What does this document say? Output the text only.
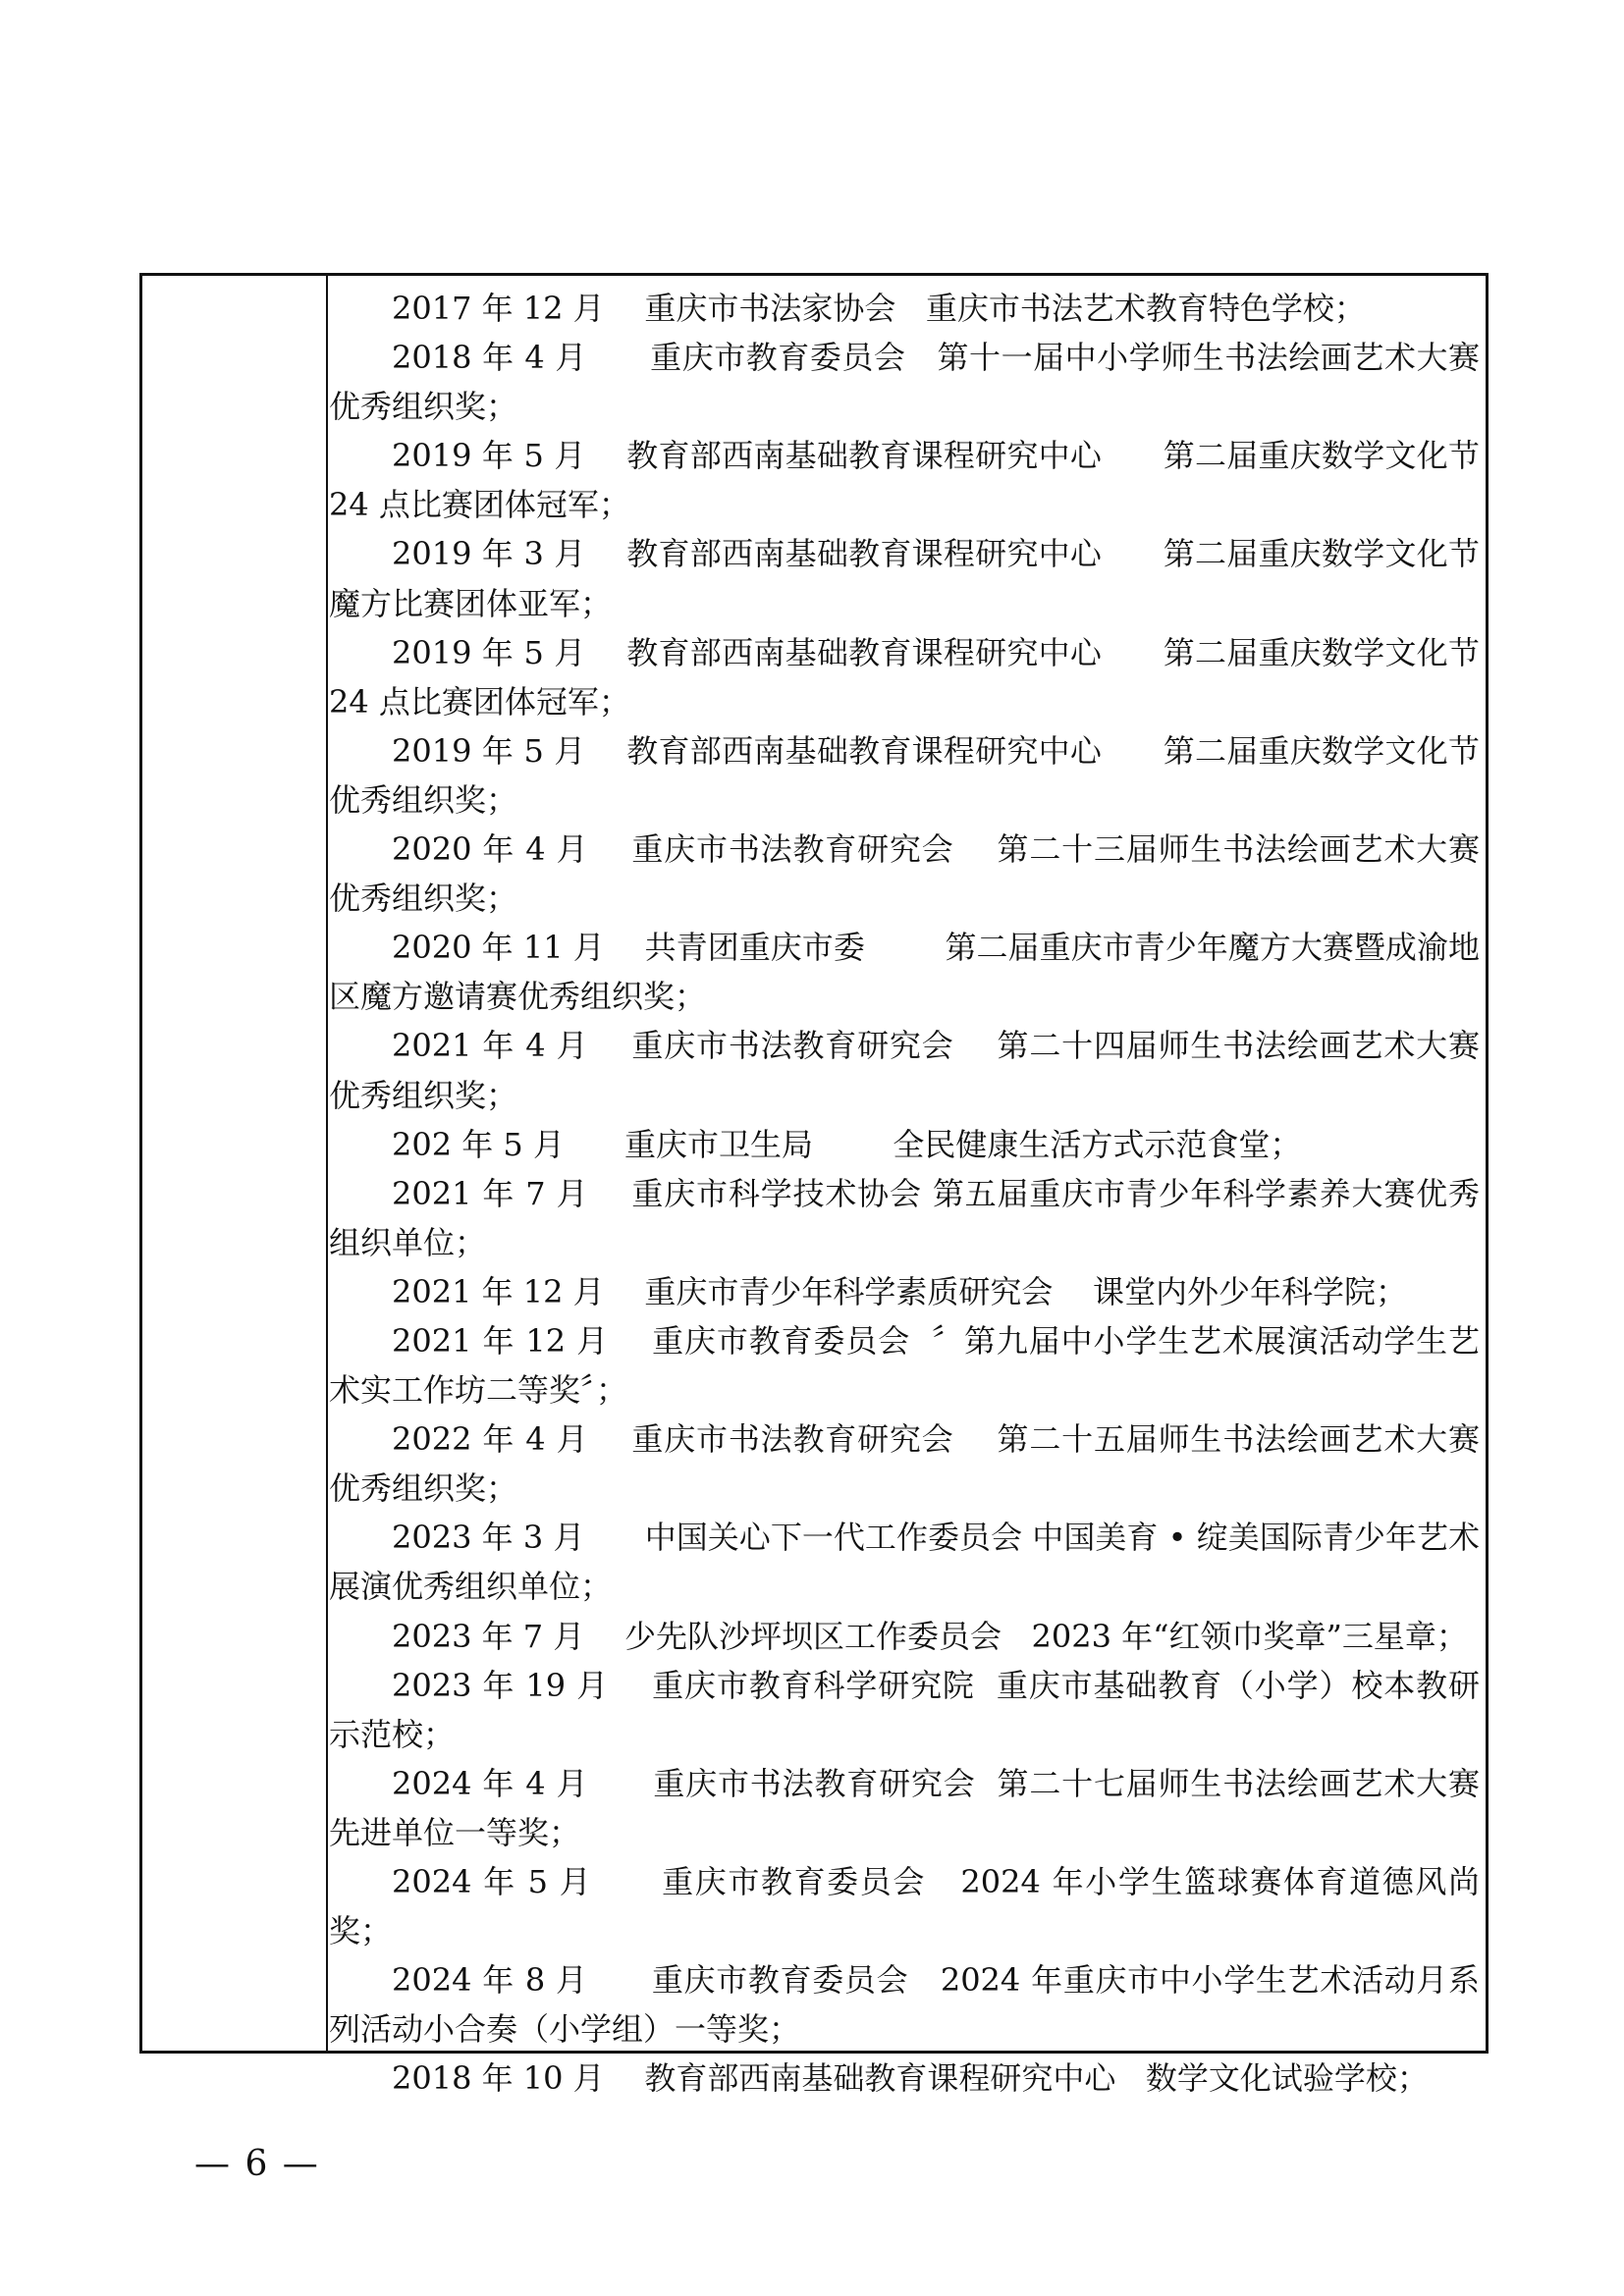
2017 年 12 月    重庆市书法家协会   重庆市书法艺术教育特色学校；

2018 年 4 月      重庆市教育委员会   第十一届中小学师生书法绘画艺术大赛优秀组织奖；

2019 年 5 月    教育部西南基础教育课程研究中心      第二届重庆数学文化节 24 点比赛团体冠军；

2019 年 3 月    教育部西南基础教育课程研究中心      第二届重庆数学文化节魔方比赛团体亚军；

2019 年 5 月    教育部西南基础教育课程研究中心      第二届重庆数学文化节 24 点比赛团体冠军；

2019 年 5 月    教育部西南基础教育课程研究中心      第二届重庆数学文化节优秀组织奖；

2020 年 4 月    重庆市书法教育研究会    第二十三届师生书法绘画艺术大赛优秀组织奖；

2020 年 11 月    共青团重庆市委        第二届重庆市青少年魔方大赛暨成渝地区魔方邀请赛优秀组织奖；

2021 年 4 月    重庆市书法教育研究会    第二十四届师生书法绘画艺术大赛优秀组织奖；

202 年 5 月      重庆市卫生局        全民健康生活方式示范食堂；

2021 年 7 月    重庆市科学技术协会 第五届重庆市青少年科学素养大赛优秀组织单位；

2021 年 12 月    重庆市青少年科学素质研究会    课堂内外少年科学院；

2021 年 12 月    重庆市教育委员会  〞第九届中小学生艺术展演活动学生艺术实工作坊二等奖〞；

2022 年 4 月    重庆市书法教育研究会    第二十五届师生书法绘画艺术大赛优秀组织奖；

2023 年 3 月      中国关心下一代工作委员会 中国美育 • 绽美国际青少年艺术展演优秀组织单位；

2023 年 7 月    少先队沙坪坝区工作委员会   2023 年“红领巾奖章”三星章；

2023 年 19 月    重庆市教育科学研究院  重庆市基础教育（小学）校本教研示范校；

2024 年 4 月      重庆市书法教育研究会  第二十七届师生书法绘画艺术大赛先进单位一等奖；

2024 年 5 月      重庆市教育委员会   2024 年小学生篮球赛体育道德风尚奖；

2024 年 8 月      重庆市教育委员会   2024 年重庆市中小学生艺术活动月系列活动小合奏（小学组）一等奖；

2018 年 10 月    教育部西南基础教育课程研究中心   数学文化试验学校；

— 6 —
